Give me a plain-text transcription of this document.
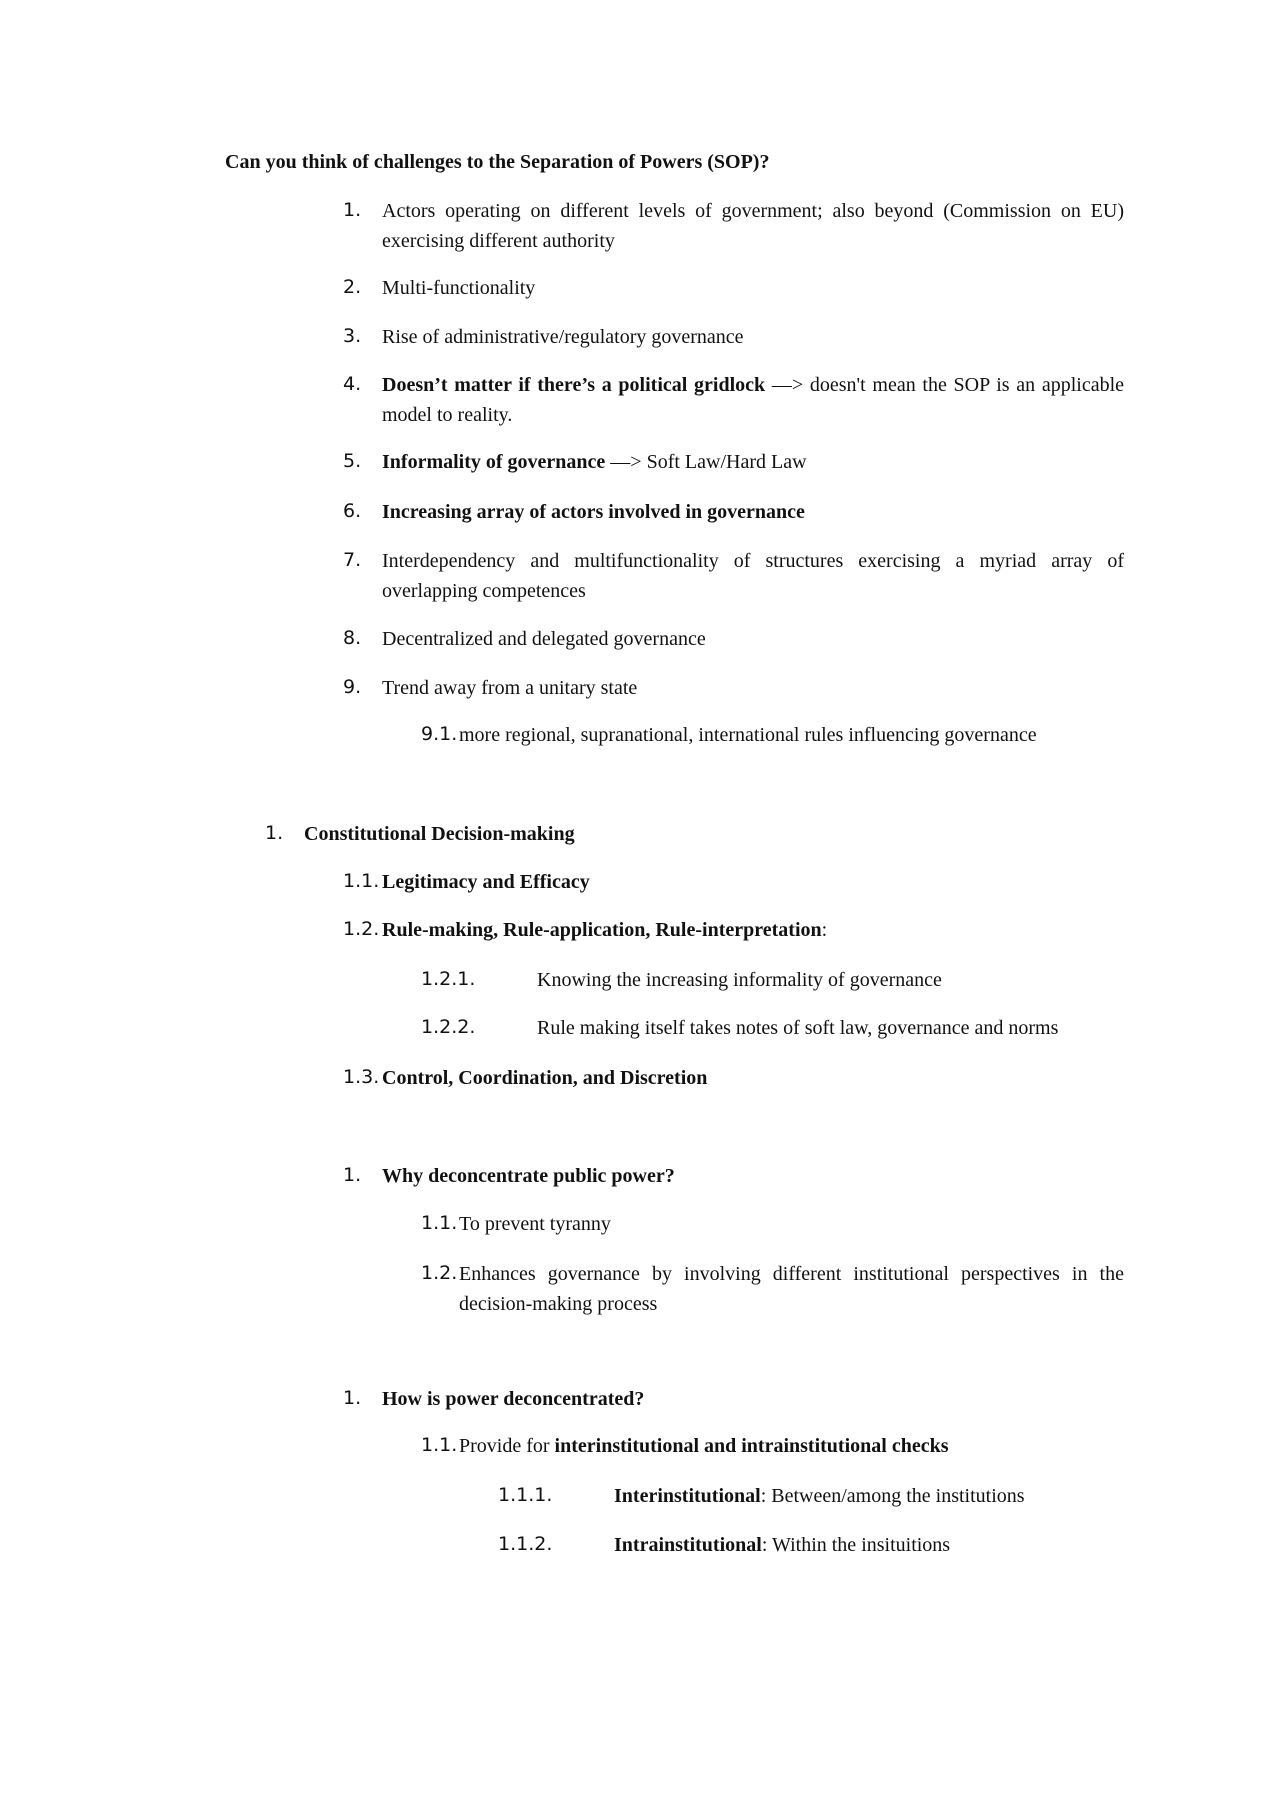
Can you think of challenges to the Separation of Powers (SOP)?
1. Actors operating on different levels of government; also beyond (Commission on EU) exercising different authority
2. Multi-functionality
3. Rise of administrative/regulatory governance
4. Doesn’t matter if there’s a political gridlock —> doesn't mean the SOP is an applicable model to reality.
5. Informality of governance —> Soft Law/Hard Law
6. Increasing array of actors involved in governance
7. Interdependency and multifunctionality of structures exercising a myriad array of overlapping competences
8. Decentralized and delegated governance
9. Trend away from a unitary state
9.1. more regional, supranational, international rules influencing governance
1. Constitutional Decision-making
1.1. Legitimacy and Efficacy
1.2. Rule-making, Rule-application, Rule-interpretation:
1.2.1.	Knowing the increasing informality of governance
1.2.2.	Rule making itself takes notes of soft law, governance and norms
1.3. Control, Coordination, and Discretion
1. Why deconcentrate public power?
1.1. To prevent tyranny
1.2. Enhances governance by involving different institutional perspectives in the decision-making process
1. How is power deconcentrated?
1.1. Provide for interinstitutional and intrainstitutional checks
1.1.1.	Interinstitutional: Between/among the institutions
1.1.2.	Intrainstitutional: Within the insituitions
